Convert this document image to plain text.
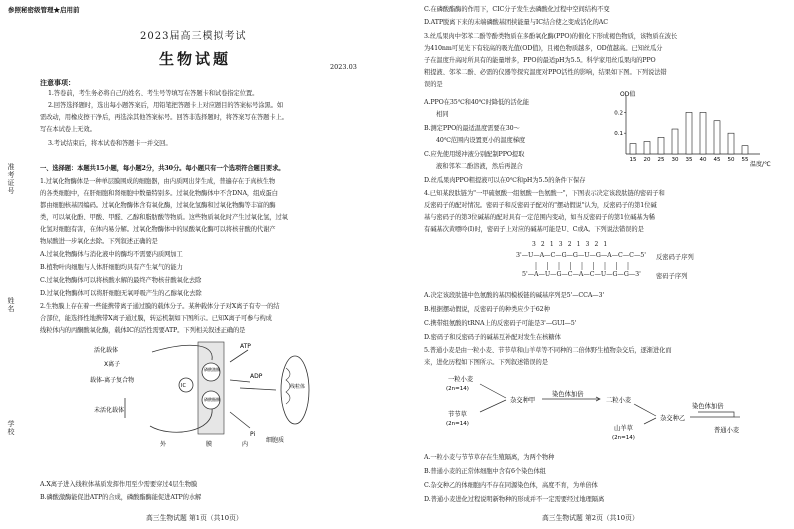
参照秘密级管理★启用前
2023届高三模拟考试
生物试题	2023.03
注意事项：
1.答卷前，考生务必将自己的姓名、考生号等填写在答题卡和试卷指定位置。
2.回答选择题时，选出每小题答案后，用铅笔把答题卡上对应题目的答案标号涂黑。如
需改动，用橡皮擦干净后，再选涂其他答案标号。回答非选择题时，将答案写在答题卡上。
写在本试卷上无效。
3.考试结束后，将本试卷和答题卡一并交回。
准考证号
姓名
学校
一、选择题：本题共15小题，每小题2分，共30分。每小题只有一个选项符合题目要求。
1.过氧化物酶体是一种单层膜围成的细胞器，由内质网出芽生成，普遍存在于真核生物
的各类细胞中，在肝细胞和肾细胞中数量特别多。过氧化物酶体中不含DNA，组成蛋白
都由细胞核基因编码。过氧化物酶体含有氧化酶，过氧化氢酶和过氧化物酶等丰富的酶
类，可以氧化酚、甲酸、甲醛、乙醇和脂肪酸等物质。这些物质氧化时产生过氧化氢，过氧
化氢对细胞有害，在体内易分解。过氧化物酶体中的尿酸氧化酶可以将核苷酸的代谢产
物尿酸进一步氧化去除。下列叙述正确的是
A.过氧化物酶体与消化液中的酶均不需要内质网加工
B.植物叶肉细胞与人体肝细胞均具有产生氧气的能力
C.过氧化物酶体可以将核酸水解的最终产物核苷酸氧化去除
D.过氧化物酶体可以将肝细胞无氧呼吸产生的乙醇氧化去除
2.生物膜上存在着一些能携带离子通过膜的载体分子。某种载体分子对X离子有专一的结
合部位，能选择性地携带X离子通过膜，转运机制如下图所示。已知X离子可参与构成
线粒体内的丙酮酸氧化酶，载体IC的活性需要ATP。下列相关叙述正确的是
活化载体
X离子
载体-离子复合物
未活化载体
外	膜	内
细胞质
IC
磷酸激酶
磷酸酯酶
ATP
ADP
Pi
线粒体
A.X离子进入线粒体基质发挥作用至少需要穿过4层生物膜
B.磷酸激酶能促进ATP的合成，磷酸酯酶能促进ATP的水解
高三生物试题 第1页（共10页）
C.在磷酸酯酶的作用下，CIC分子发生去磷酸化过程中空间结构不变
D.ATP脱离下来的末端磷酸基团挟能量与IC结合使之变成活化的AC
3.丝瓜果肉中邻苯二酚等酚类物质在多酚氧化酶(PPO)的催化下形成褐色物质，该物质在波长
为410nm可见光下有较高的吸光值(OD值)，且褐色物质越多，OD值越高。已知丝瓜分
子在温度升高时所具有的能量增多，PPO的最适pH为5.5。科学家用丝瓜果肉的PPO
粗提液、邻苯二酚、必需的仪器等探究温度对PPO活性的影响，结果如下图。下列说法错
误的是
A.PPO在35℃和40℃时降低的活化能
相同
B.测定PPO的最适温度需要在30～
40℃范围内设置更小的温度梯度
C.应先使用缓冲液分别配制PPO提取
液和邻苯二酚溶液，然后再混合
D.丝瓜果肉PPO粗提液可以在0℃和pH为5.5的条件下保存
OD值
温度/℃
15 20 25 30 35 40 45 50 55
0.2
0.1
4.已知某段肽链为"一甲硫氨酸一组氨酸一色氨酸一"，下图表示决定该段肽链的密码子和
反密码子的配对情况。密码子和反密码子配对的"摆动假说"认为，反密码子的第1位碱
基与密码子的第3位碱基的配对具有一定范围内变动，如当反密码子的第1位碱基为稀
有碱基次黄嘌呤(I)时，密码子上对应的碱基可能是U、C或A。下列说法错误的是
3 2 1 3 2 1 3 2 1
3'—U—A—C—G—G—U—G—A—C—C—5' 反密码子序列
5'—A—U—G—C—A—C—U—G—G—3' 密码子序列
A.决定该段肽链中色氨酸的基因模板链的碱基序列是5'—CCA—3'
B.根据摆动假说，反密码子的种类应少于62种
C.携带组氨酸的tRNA上的反密码子可能是3'—GUI—5'
D.密码子和反密码子的碱基互补配对发生在核糖体
5.普通小麦是由一粒小麦、节节草和山羊草等不同种的二倍体野生植物杂交后，逐渐进化而
来，进化历程如下图所示。下列叙述错误的是
一粒小麦
(2n=14)
节节草
(2n=14)
杂交种甲
染色体加倍
二粒小麦
山羊草
(2n=14)
杂交种乙
染色体加倍
普通小麦
A.一粒小麦与节节草存在生殖隔离，为两个物种
B.普通小麦的正常体细胞中含有6个染色体组
C.杂交种乙的体细胞内不存在同源染色体，高度不育，为单倍体
D.普通小麦进化过程说明新物种的形成并不一定需要经过地理隔离
高三生物试题 第2页（共10页）
